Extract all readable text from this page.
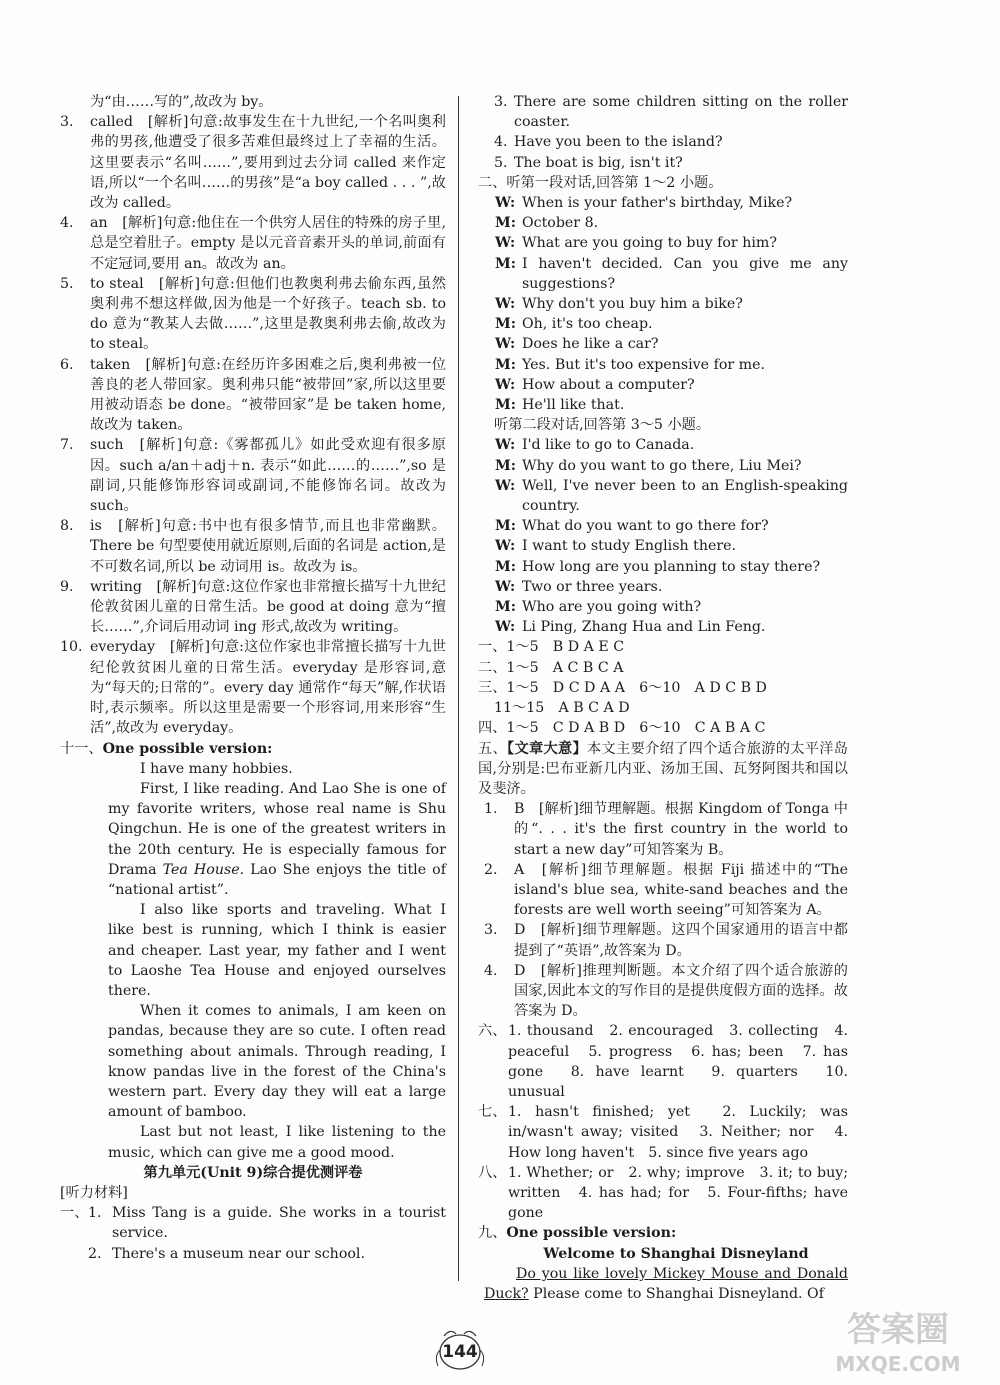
为“由……写的”,故改为 by。

3. called　[解析]句意:故事发生在十九世纪,一个名叫奥利弗的男孩,他遭受了很多苦难但最终过上了幸福的生活。这里要表示“名叫……”,要用到过去分词 called 来作定语,所以“一个名叫……的男孩”是“a boy called . . . ”,故改为 called。
4. an　[解析]句意:他住在一个供穷人居住的特殊的房子里,总是空着肚子。empty 是以元音音素开头的单词,前面有不定冠词,要用 an。故改为 an。
5. to steal　[解析]句意:但他们也教奥利弗去偷东西,虽然奥利弗不想这样做,因为他是一个好孩子。teach sb. to do 意为“教某人去做……”,这里是教奥利弗去偷,故改为 to steal。
6. taken　[解析]句意:在经历许多困难之后,奥利弗被一位善良的老人带回家。奥利弗只能“被带回”家,所以这里要用被动语态 be done。“被带回家”是 be taken home,故改为 taken。
7. such　[解析]句意:《雾都孤儿》如此受欢迎有很多原因。such a/an＋adj＋n. 表示“如此……的……”,so 是副词,只能修饰形容词或副词,不能修饰名词。故改为 such。
8. is　[解析]句意:书中也有很多情节,而且也非常幽默。There be 句型要使用就近原则,后面的名词是 action,是不可数名词,所以 be 动词用 is。故改为 is。
9. writing　[解析]句意:这位作家也非常擅长描写十九世纪伦敦贫困儿童的日常生活。be good at doing 意为“擅长……”,介词后用动词 ing 形式,故改为 writing。
10. everyday　[解析]句意:这位作家也非常擅长描写十九世纪伦敦贫困儿童的日常生活。everyday 是形容词,意为“每天的;日常的”。every day 通常作“每天”解,作状语时,表示频率。所以这里是需要一个形容词,用来形容“生活”,故改为 everyday。

十一、One possible version:

I have many hobbies.

First, I like reading. And Lao She is one of my favorite writers, whose real name is Shu Qingchun. He is one of the greatest writers in the 20th century. He is especially famous for Drama Tea House. Lao She enjoys the title of “national artist”.

I also like sports and traveling. What I like best is running, which I think is easier and cheaper. Last year, my father and I went to Laoshe Tea House and enjoyed ourselves there.

When it comes to animals, I am keen on pandas, because they are so cute. I often read something about animals. Through reading, I know pandas live in the forest of the China's western part. Every day they will eat a large amount of bamboo.

Last but not least, I like listening to the music, which can give me a good mood.

第九单元(Unit 9)综合提优测评卷

[听力材料]

一、 1. Miss Tang is a guide. She works in a tourist service.
2. There's a museum near our school.
3. There are some children sitting on the roller coaster.
4. Have you been to the island?
5. The boat is big, isn't it?

二、听第一段对话,回答第 1～2 小题。

W: When is your father's birthday, Mike?

M: October 8.

W: What are you going to buy for him?

M: I haven't decided. Can you give me any suggestions?

W: Why don't you buy him a bike?

M: Oh, it's too cheap.

W: Does he like a car?

M: Yes. But it's too expensive for me.

W: How about a computer?

M: He'll like that.

听第二段对话,回答第 3～5 小题。

W: I'd like to go to Canada.

M: Why do you want to go there, Liu Mei?

W: Well, I've never been to an English-speaking country.

M: What do you want to go there for?

W: I want to study English there.

M: How long are you planning to stay there?

W: Two or three years.

M: Who are you going with?

W: Li Ping, Zhang Hua and Lin Feng.

一、1～5　B D A E C

二、1～5　A C B C A

三、1～5　D C D A A　6～10　A D C B D

11～15　A B C A D

四、1～5　C D A B D　6～10　C A B A C

五、【文章大意】本文主要介绍了四个适合旅游的太平洋岛国,分别是:巴布亚新几内亚、汤加王国、瓦努阿图共和国以及斐济。

1. B　[解析]细节理解题。根据 Kingdom of Tonga 中的“. . . it's the first country in the world to start a new day”可知答案为 B。
2. A　[解析]细节理解题。根据 Fiji 描述中的“The island's blue sea, white-sand beaches and the forests are well worth seeing”可知答案为 A。
3. D　[解析]细节理解题。这四个国家通用的语言中都提到了“英语”,故答案为 D。
4. D　[解析]推理判断题。本文介绍了四个适合旅游的国家,因此本文的写作目的是提供度假方面的选择。故答案为 D。
六、 1. thousand　2. encouraged　3. collecting　4. peaceful　5. progress　6. has; been　7. has gone　8. have learnt　9. quarters　10. unusual
七、 1. hasn't finished; yet　2. Luckily; was in/wasn't away; visited　3. Neither; nor　4. How long haven't　5. since five years ago
八、 1. Whether; or　2. why; improve　3. it; to buy; written　4. has had; for　5. Four-fifths; have gone

九、One possible version:

Welcome to Shanghai Disneyland

Do you like lovely Mickey Mouse and Donald Duck? Please come to Shanghai Disneyland. Of

144
答案圈
MXQE.COM
